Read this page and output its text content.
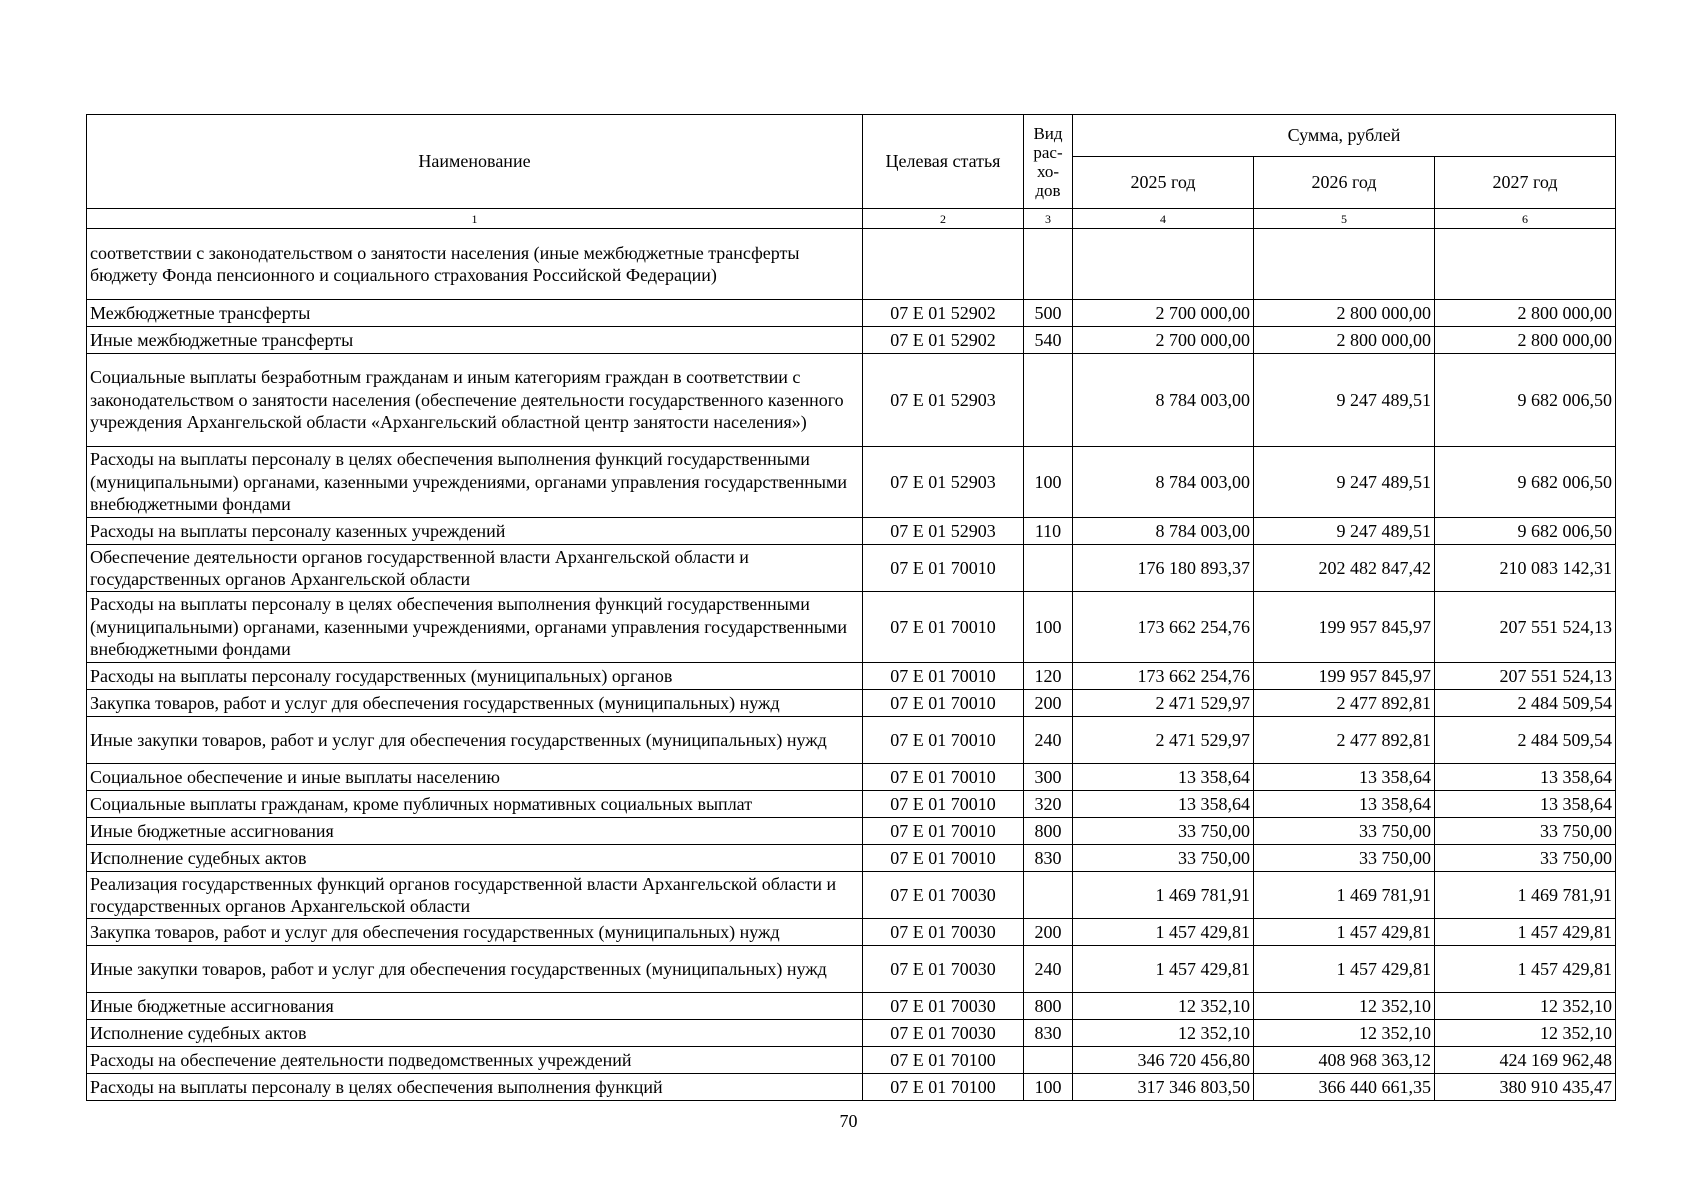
Наименование	Целевая статья	Вид рас-хо-дов	Сумма, рублей		
			2025 год	2026 год	2027 год
1	2	3	4	5	6
соответствии с законодательством о занятости населения (иные межбюджетные трансферты бюджету Фонда пенсионного и социального страхования Российской Федерации)					
Межбюджетные трансферты	07 Е 01 52902	500	2 700 000,00	2 800 000,00	2 800 000,00
Иные межбюджетные трансферты	07 Е 01 52902	540	2 700 000,00	2 800 000,00	2 800 000,00
Социальные выплаты безработным гражданам и иным категориям граждан в соответствии с законодательством о занятости населения (обеспечение деятельности государственного казенного учреждения Архангельской области «Архангельский областной центр занятости населения»)	07 Е 01 52903		8 784 003,00	9 247 489,51	9 682 006,50
Расходы на выплаты персоналу в целях обеспечения выполнения функций государственными (муниципальными) органами, казенными учреждениями, органами управления государственными внебюджетными фондами	07 Е 01 52903	100	8 784 003,00	9 247 489,51	9 682 006,50
Расходы на выплаты персоналу казенных учреждений	07 Е 01 52903	110	8 784 003,00	9 247 489,51	9 682 006,50
Обеспечение деятельности органов государственной власти Архангельской области и государственных органов Архангельской области	07 Е 01 70010		176 180 893,37	202 482 847,42	210 083 142,31
Расходы на выплаты персоналу в целях обеспечения выполнения функций государственными (муниципальными) органами, казенными учреждениями, органами управления государственными внебюджетными фондами	07 Е 01 70010	100	173 662 254,76	199 957 845,97	207 551 524,13
Расходы на выплаты персоналу государственных (муниципальных) органов	07 Е 01 70010	120	173 662 254,76	199 957 845,97	207 551 524,13
Закупка товаров, работ и услуг для обеспечения государственных (муниципальных) нужд	07 Е 01 70010	200	2 471 529,97	2 477 892,81	2 484 509,54
Иные закупки товаров, работ и услуг для обеспечения государственных (муниципальных) нужд	07 Е 01 70010	240	2 471 529,97	2 477 892,81	2 484 509,54
Социальное обеспечение и иные выплаты населению	07 Е 01 70010	300	13 358,64	13 358,64	13 358,64
Социальные выплаты гражданам, кроме публичных нормативных социальных выплат	07 Е 01 70010	320	13 358,64	13 358,64	13 358,64
Иные бюджетные ассигнования	07 Е 01 70010	800	33 750,00	33 750,00	33 750,00
Исполнение судебных актов	07 Е 01 70010	830	33 750,00	33 750,00	33 750,00
Реализация государственных функций органов государственной власти Архангельской области и государственных органов Архангельской области	07 Е 01 70030		1 469 781,91	1 469 781,91	1 469 781,91
Закупка товаров, работ и услуг для обеспечения государственных (муниципальных) нужд	07 Е 01 70030	200	1 457 429,81	1 457 429,81	1 457 429,81
Иные закупки товаров, работ и услуг для обеспечения государственных (муниципальных) нужд	07 Е 01 70030	240	1 457 429,81	1 457 429,81	1 457 429,81
Иные бюджетные ассигнования	07 Е 01 70030	800	12 352,10	12 352,10	12 352,10
Исполнение судебных актов	07 Е 01 70030	830	12 352,10	12 352,10	12 352,10
Расходы на обеспечение деятельности подведомственных учреждений	07 Е 01 70100		346 720 456,80	408 968 363,12	424 169 962,48
Расходы на выплаты персоналу в целях обеспечения выполнения функций	07 Е 01 70100	100	317 346 803,50	366 440 661,35	380 910 435,47
70
